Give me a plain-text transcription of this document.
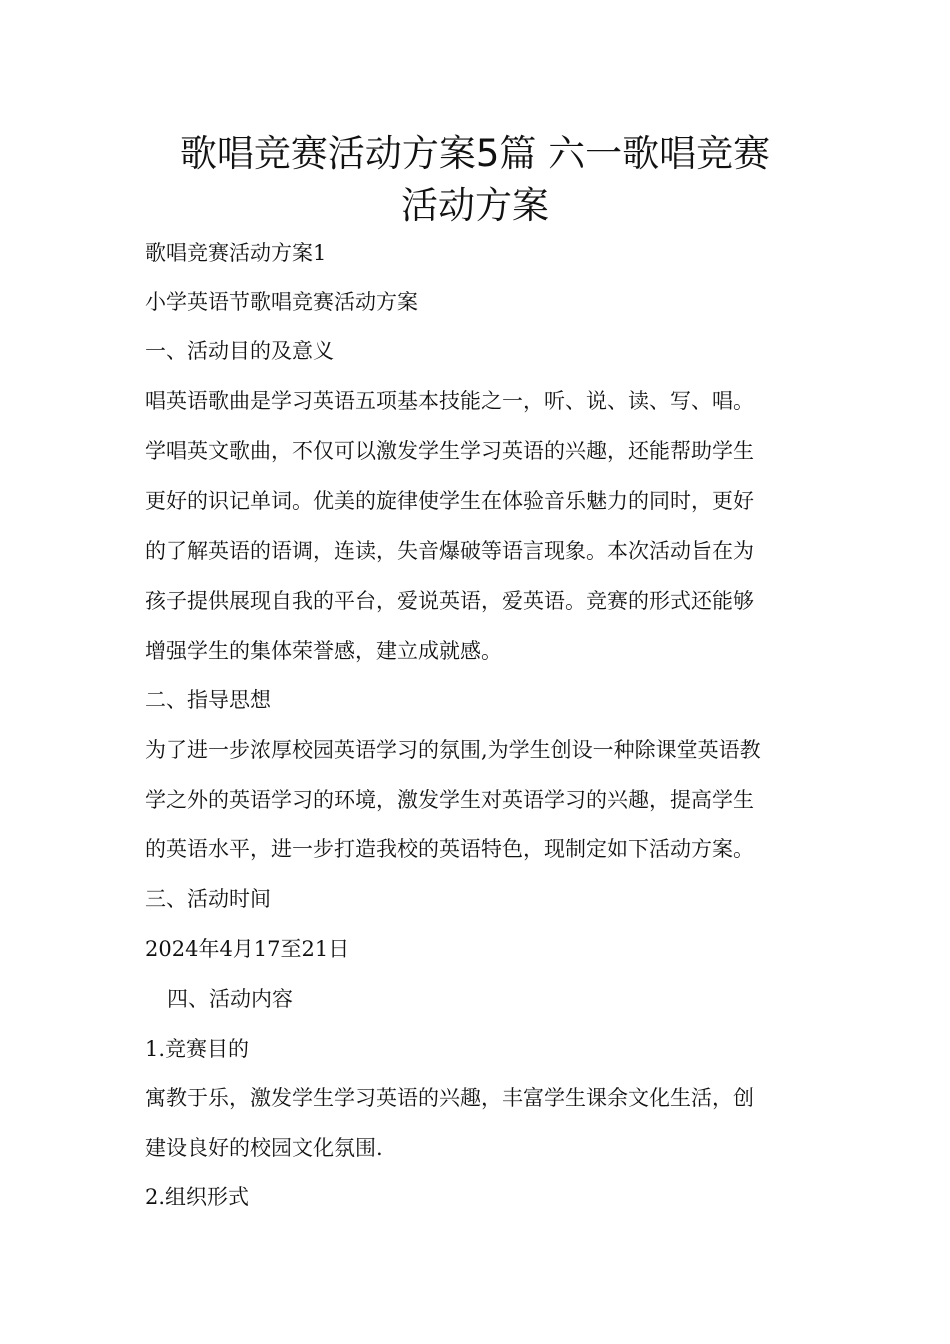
歌唱竞赛活动方案5篇 六一歌唱竞赛
活动方案
歌唱竞赛活动方案1
小学英语节歌唱竞赛活动方案
一、活动目的及意义
唱英语歌曲是学习英语五项基本技能之一，听、说、读、写、唱。
学唱英文歌曲，不仅可以激发学生学习英语的兴趣，还能帮助学生
更好的识记单词。优美的旋律使学生在体验音乐魅力的同时，更好
的了解英语的语调，连读，失音爆破等语言现象。本次活动旨在为
孩子提供展现自我的平台，爱说英语，爱英语。竞赛的形式还能够
增强学生的集体荣誉感，建立成就感。
二、指导思想
为了进一步浓厚校园英语学习的氛围,为学生创设一种除课堂英语教
学之外的英语学习的环境，激发学生对英语学习的兴趣，提高学生
的英语水平，进一步打造我校的英语特色，现制定如下活动方案。
三、活动时间
2024年4月17至21日
四、活动内容
1.竞赛目的
寓教于乐，激发学生学习英语的兴趣，丰富学生课余文化生活，创
建设良好的校园文化氛围.
2.组织形式
